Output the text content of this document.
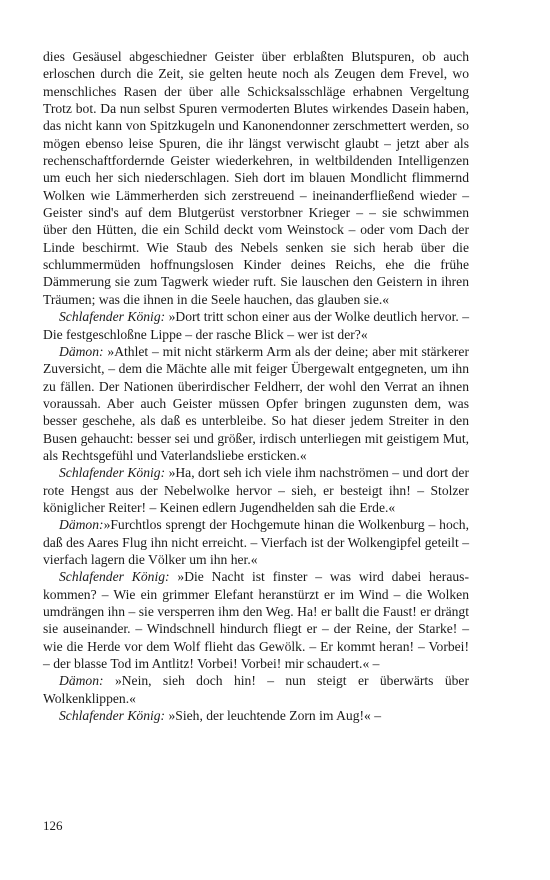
dies Gesäusel abgeschiedner Geister über erblaßten Blutspuren, ob auch erloschen durch die Zeit, sie gelten heute noch als Zeugen dem Frevel, wo menschliches Rasen der über alle Schicksalsschläge erhabnen Vergeltung Trotz bot. Da nun selbst Spuren vermoderten Blutes wirkendes Dasein haben, das nicht kann von Spitzkugeln und Kanonendonner zerschmettert werden, so mögen ebenso leise Spuren, die ihr längst verwischt glaubt – jetzt aber als rechenschaftfordernde Geister wiederkehren, in weltbildenden Intelligenzen um euch her sich niederschlagen. Sieh dort im blauen Mondlicht flimmernd Wolken wie Lämmerherden sich zerstreuend – ineinanderfließend wieder – Geister sind's auf dem Blutgerüst verstorbner Krieger – – sie schwimmen über den Hütten, die ein Schild deckt vom Weinstock – oder vom Dach der Linde beschirmt. Wie Staub des Nebels senken sie sich herab über die schlummermüden hoffnungslosen Kinder deines Reichs, ehe die frühe Dämmerung sie zum Tagwerk wieder ruft. Sie lauschen den Geistern in ihren Träumen; was die ihnen in die Seele hauchen, das glauben sie.«

Schlafender König: »Dort tritt schon einer aus der Wolke deutlich hervor. – Die festgeschloßne Lippe – der rasche Blick – wer ist der?«

Dämon: »Athlet – mit nicht stärkerm Arm als der deine; aber mit stärkerer Zuversicht, – dem die Mächte alle mit feiger Übergewalt entgegneten, um ihn zu fällen. Der Nationen überirdischer Feldherr, der wohl den Verrat an ihnen voraussah. Aber auch Geister müssen Opfer bringen zugunsten dem, was besser geschehe, als daß es unterbleibe. So hat dieser jedem Streiter in den Busen gehaucht: besser sei und größer, irdisch unterliegen mit geistigem Mut, als Rechtsgefühl und Vaterlandsliebe ersticken.«

Schlafender König: »Ha, dort seh ich viele ihm nachströmen – und dort der rote Hengst aus der Nebelwolke hervor – sieh, er besteigt ihn! – Stolzer königlicher Reiter! – Keinen edlern Jugendhelden sah die Erde.«

Dämon:»Furchtlos sprengt der Hochgemute hinan die Wolkenburg – hoch, daß des Aares Flug ihn nicht erreicht. – Vierfach ist der Wolkengipfel geteilt – vierfach lagern die Völker um ihn her.«

Schlafender König: »Die Nacht ist finster – was wird dabei herauskommen? – Wie ein grimmer Elefant heranstürzt er im Wind – die Wolken umdrängen ihn – sie versperren ihm den Weg. Ha! er ballt die Faust! er drängt sie auseinander. – Windschnell hindurch fliegt er – der Reine, der Starke! – wie die Herde vor dem Wolf flieht das Gewölk. – Er kommt heran! – Vorbei! – der blasse Tod im Antlitz! Vorbei! Vorbei! mir schaudert.« –

Dämon: »Nein, sieh doch hin! – nun steigt er überwärts über Wolkenklippen.«

Schlafender König: »Sieh, der leuchtende Zorn im Aug!« –

126
